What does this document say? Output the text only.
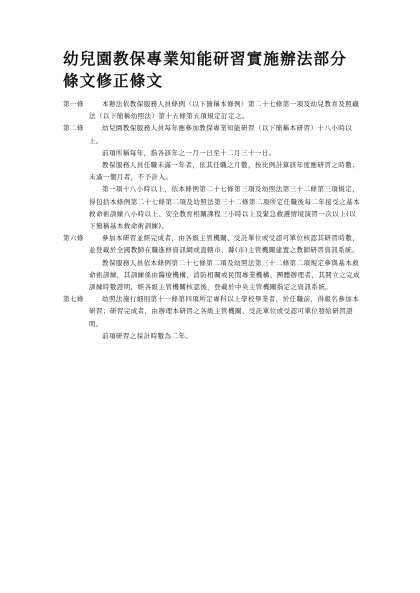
幼兒園教保專業知能研習實施辦法部分條文修正條文
第一條	本辦法依教保服務人員條例（以下簡稱本條例）第二十七條第一項及幼兒教育及照顧法（以下簡稱幼照法）第十五條第五項規定訂定之。

第二條	幼兒園教保服務人員每年應參加教保專業知能研習（以下簡稱本研習）十八小時以上。

前項所稱每年，指各該年之一月一日至十二月三十一日。

教保服務人員任職未滿一年者，依其任職之月數，按比例計算該年度應研習之時數；未滿一個月者，不予計入。

第一項十八小時以上，依本條例第二十七條第三項及幼照法第三十二條第三項規定，得包括本條例第二十七條第二項及幼照法第三十二條第二項所定任職後每二年接受之基本救命術訓練八小時以上、安全教育相關課程三小時以上及緊急救護情境演習一次以上(以下簡稱基本救命術訓練)。

第六條	參加本研習並經完成者，由各級主管機關、受託單位或受認可單位核認其研習時數，並登載於全國教師在職進修資訊網或直轄市、縣(市)主管機關建置之教師研習資訊系統。

教保服務人員依本條例第二十七條第二項及幼照法第三十二條第二項規定參與基本救命術訓練，其訓練係由醫療機構、消防相關或民間專業機構、團體辦理者，其開立之完成訓練時數證明，經各級主管機關核認後，登載於中央主管機關指定之資訊系統。

第七條	幼照法施行細則第十一條第四項所定專科以上學校畢業者，於任職前，得報名參加本研習；研習完成者，由辦理本研習之各級主管機關、受託單位或受認可單位發給研習證明。

前項研習之採計時數為二年。
